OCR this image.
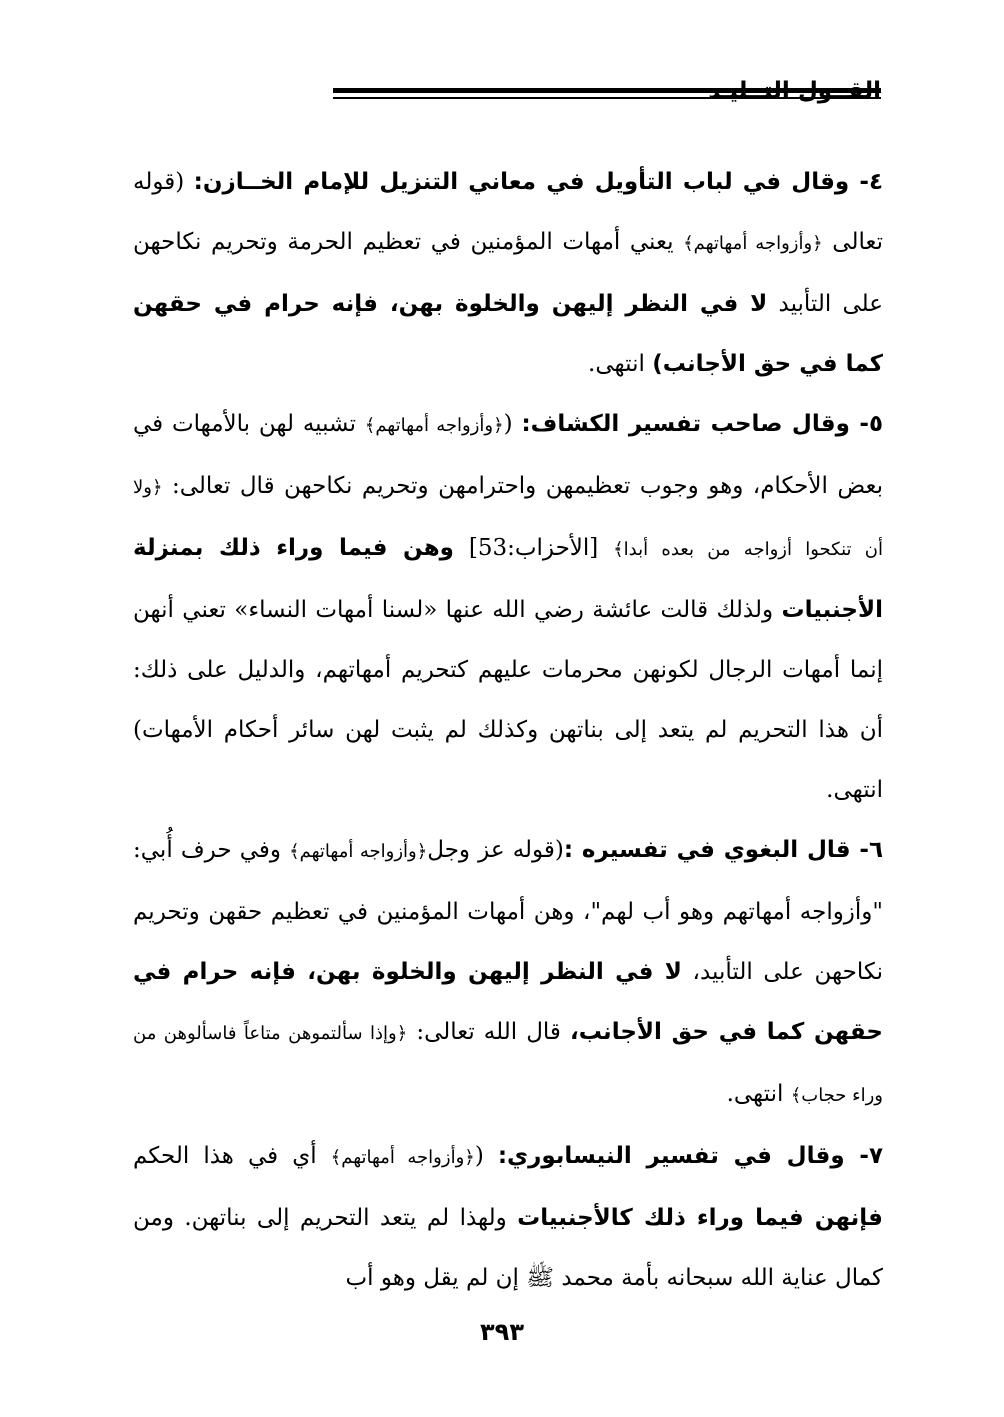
٤- وقال في لباب التأويل في معاني التنزيل للإمام الخــازن: (قوله تعالى ﴿وأزواجه أمهاتهم﴾ يعني أمهات المؤمنين في تعظيم الحرمة وتحريم نكاحهن على التأبيد لا في النظر إليهن والخلوة بهن، فإنه حرام في حقهن كما في حق الأجانب) انتهى.

٥- وقال صاحب تفسير الكشاف: (﴿وأزواجه أمهاتهم﴾ تشبيه لهن بالأمهات في بعض الأحكام، وهو وجوب تعظيمهن واحترامهن وتحريم نكاحهن قال تعالى: ﴿ولا أن تنكحوا أزواجه من بعده أبدا﴾ [الأحزاب:53] وهن فيما وراء ذلك بمنزلة الأجنبيات ولذلك قالت عائشة رضي الله عنها «لسنا أمهات النساء» تعني أنهن إنما أمهات الرجال لكونهن محرمات عليهم كتحريم أمهاتهم، والدليل على ذلك: أن هذا التحريم لم يتعد إلى بناتهن وكذلك لم يثبت لهن سائر أحكام الأمهات) انتهى.

٦- قال البغوي في تفسيره :(قوله عز وجل﴿وأزواجه أمهاتهم﴾ وفي حرف أُبي: "وأزواجه أمهاتهم وهو أب لهم"، وهن أمهات المؤمنين في تعظيم حقهن وتحريم نكاحهن على التأبيد، لا في النظر إليهن والخلوة بهن، فإنه حرام في حقهن كما في حق الأجانب، قال الله تعالى: ﴿وإذا سألتموهن متاعاً فاسألوهن من وراء حجاب﴾ انتهى.

٧- وقال في تفسير النيسابوري: (﴿وأزواجه أمهاتهم﴾ أي في هذا الحكم فإنهن فيما وراء ذلك كالأجنبيات ولهذا لم يتعد التحريم إلى بناتهن. ومن كمال عناية الله سبحانه بأمة محمد ﷺ إن لم يقل وهو أب

٣٩٣
